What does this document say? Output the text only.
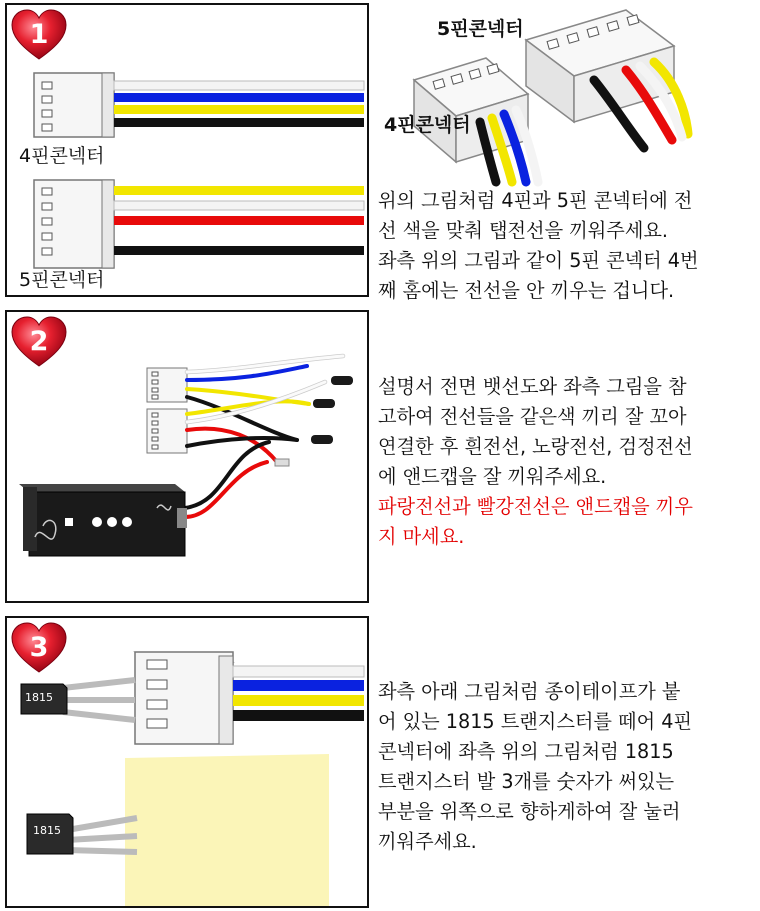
1
4핀콘넥터
5핀콘넥터
5핀콘넥터
4핀콘넥터

위의 그림처럼 4핀과 5핀 콘넥터에 전

선 색을 맞춰 탭전선을 끼워주세요.

좌측 위의 그림과 같이 5핀 콘넥터 4번

째 홈에는 전선을 안 끼우는 겁니다.

2

설명서 전면 뱃선도와 좌측 그림을 참

고하여 전선들을 같은색 끼리 잘 꼬아

연결한 후 흰전선, 노랑전선, 검정전선

에 앤드캡을 잘 끼워주세요.

파랑전선과 빨강전선은 앤드캡을 끼우

지 마세요.

3
1815
1815

좌측 아래 그림처럼 종이테이프가 붙

어 있는 1815 트랜지스터를 떼어 4핀

콘넥터에 좌측 위의 그림처럼 1815

트랜지스터 발 3개를 숫자가 써있는

부분을 위쪽으로 향하게하여 잘 눌러

끼워주세요.
